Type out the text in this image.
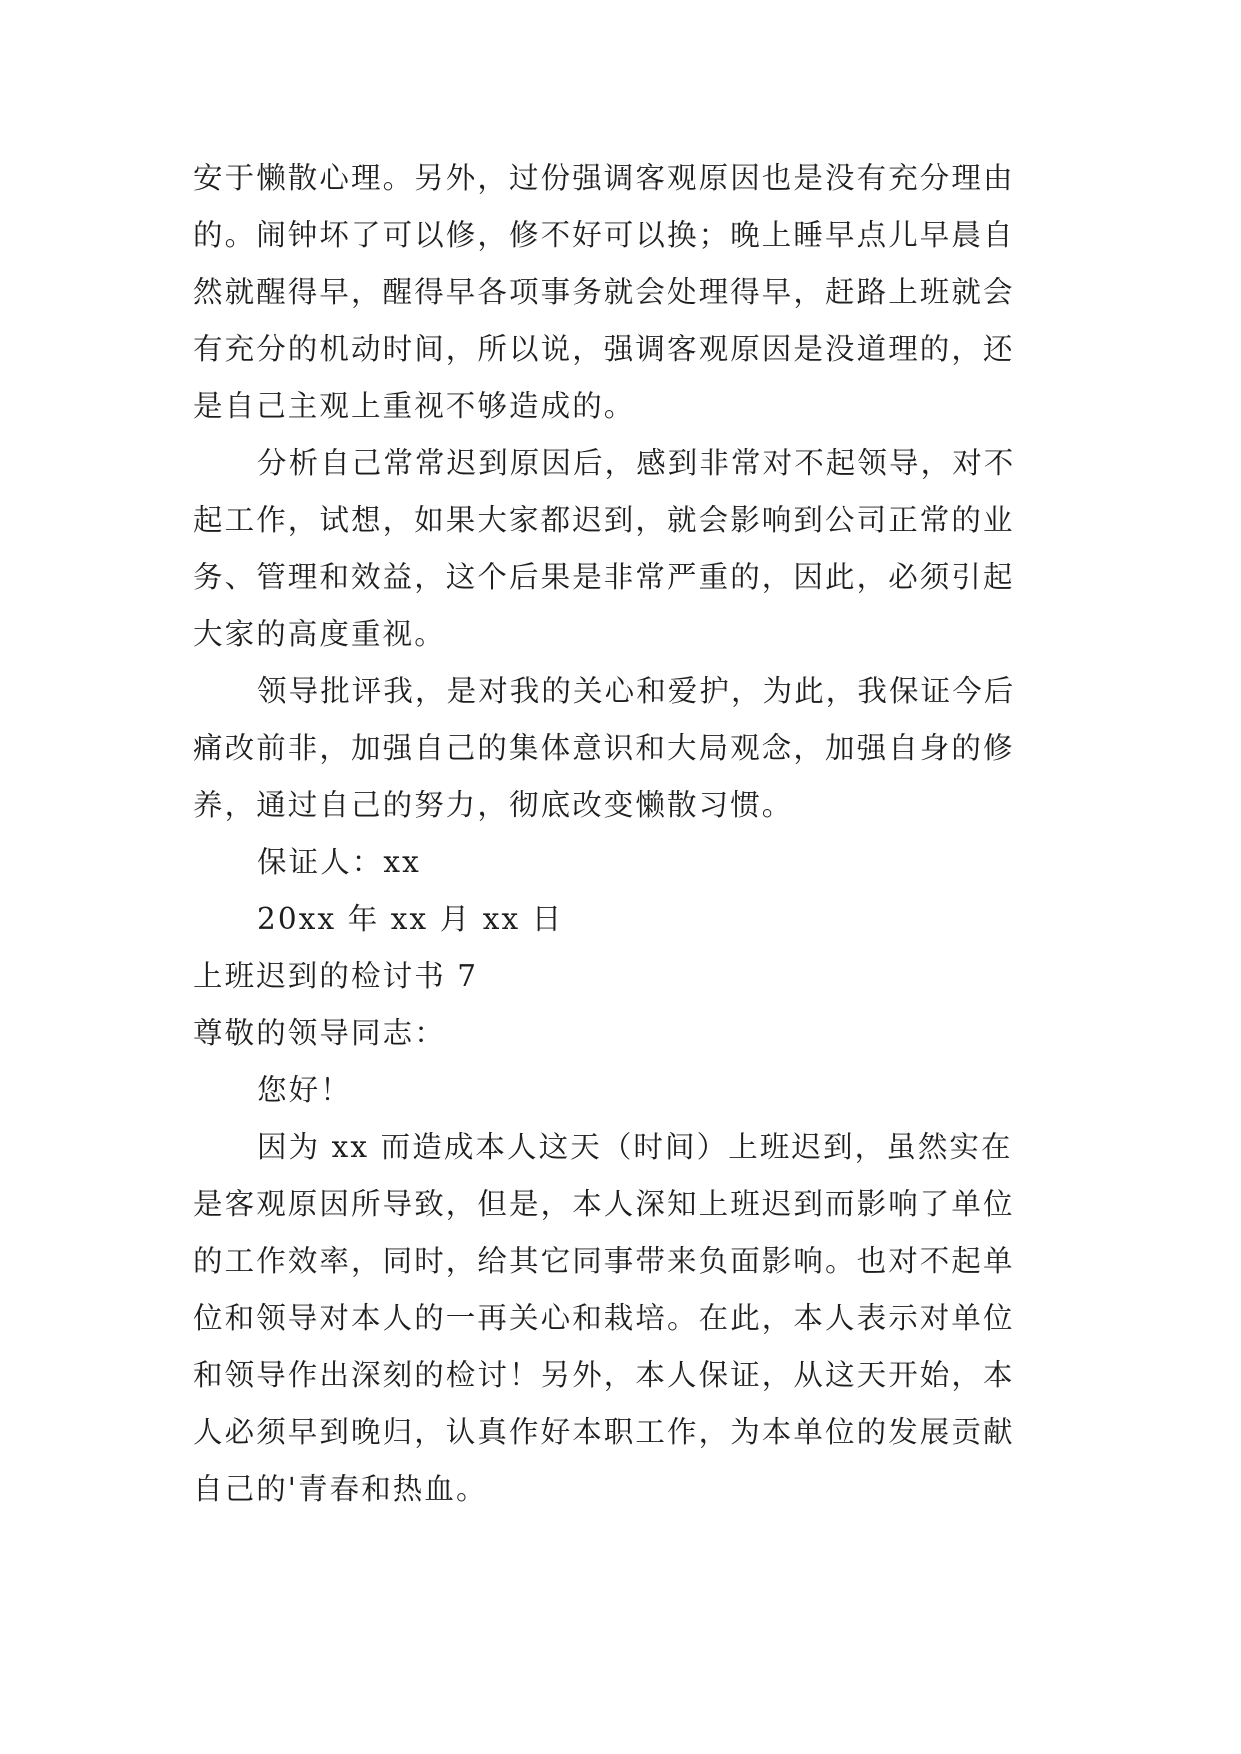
安于懒散心理。另外，过份强调客观原因也是没有充分理由
的。闹钟坏了可以修，修不好可以换；晚上睡早点儿早晨自
然就醒得早，醒得早各项事务就会处理得早，赶路上班就会
有充分的机动时间，所以说，强调客观原因是没道理的，还
是自己主观上重视不够造成的。
分析自己常常迟到原因后，感到非常对不起领导，对不
起工作，试想，如果大家都迟到，就会影响到公司正常的业
务、管理和效益，这个后果是非常严重的，因此，必须引起
大家的高度重视。
领导批评我，是对我的关心和爱护，为此，我保证今后
痛改前非，加强自己的集体意识和大局观念，加强自身的修
养，通过自己的努力，彻底改变懒散习惯。
保证人：xx
20xx 年 xx 月 xx 日
上班迟到的检讨书 7
尊敬的领导同志：
您好！
因为 xx 而造成本人这天（时间）上班迟到，虽然实在
是客观原因所导致，但是，本人深知上班迟到而影响了单位
的工作效率，同时，给其它同事带来负面影响。也对不起单
位和领导对本人的一再关心和栽培。在此，本人表示对单位
和领导作出深刻的检讨！另外，本人保证，从这天开始，本
人必须早到晚归，认真作好本职工作，为本单位的发展贡献
自己的'青春和热血。
